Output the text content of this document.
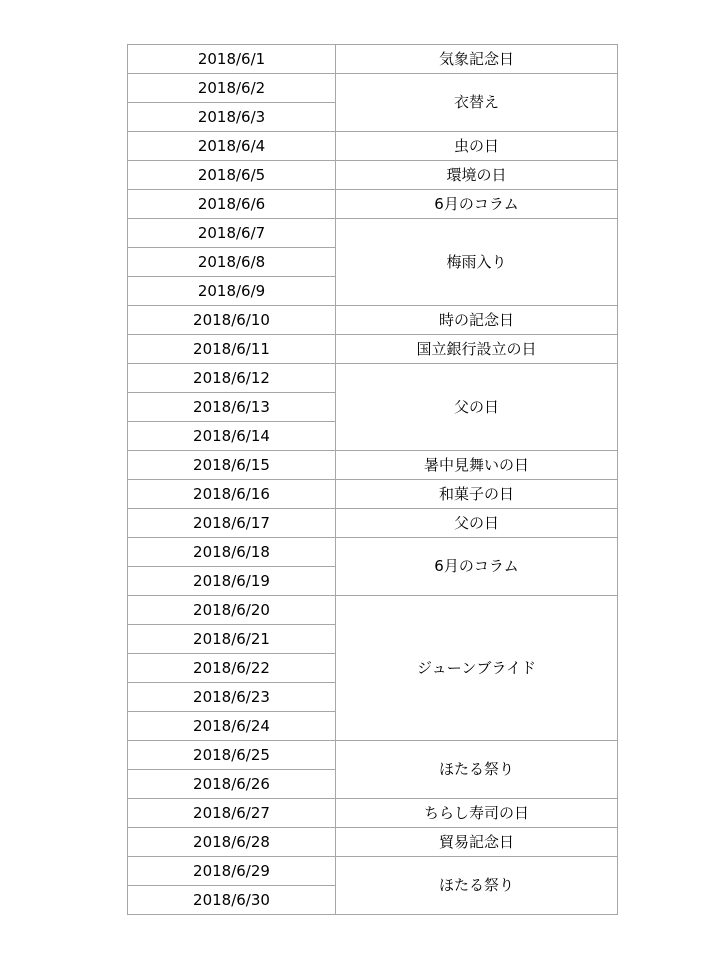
2018/6/1	気象記念日
2018/6/2	衣替え
2018/6/3	
2018/6/4	虫の日
2018/6/5	環境の日
2018/6/6	6月のコラム
2018/6/7	梅雨入り
2018/6/8	
2018/6/9	
2018/6/10	時の記念日
2018/6/11	国立銀行設立の日
2018/6/12	父の日
2018/6/13	
2018/6/14	
2018/6/15	暑中見舞いの日
2018/6/16	和菓子の日
2018/6/17	父の日
2018/6/18	6月のコラム
2018/6/19	
2018/6/20	ジューンブライド
2018/6/21	
2018/6/22	
2018/6/23	
2018/6/24	
2018/6/25	ほたる祭り
2018/6/26	
2018/6/27	ちらし寿司の日
2018/6/28	貿易記念日
2018/6/29	ほたる祭り
2018/6/30	
